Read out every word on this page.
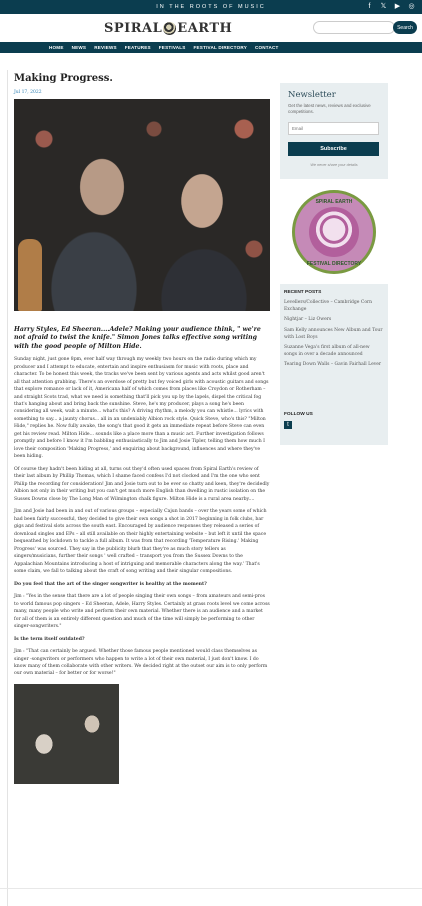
IN THE ROOTS OF MUSIC	f	𝕏 ▶ ◎
SPIRAL EARTH	Search
HOME NEWS REVIEWS FEATURES FESTIVALS FESTIVAL DIRECTORY CONTACT
Making Progress.
Jul 17, 2022

Harry Styles, Ed Sheeran....Adele? Making your audience think, " we're not afraid to twist the knife." Simon Jones talks effective song writing with the good people of Milton Hide.

Sunday night, just gone 8pm, ever half way through my weekly two hours on the radio during which my producer and I attempt to educate, entertain and inspire enthusiasm for music with roots, place and character. To be honest this week, the tracks we've been sent by various agents and acts whilst good aren't all that attention grabbing. There's an overdose of pretty but fey voiced girls with acoustic guitars and songs that explore romance or lack of it, Americana half of which comes from places like Croydon or Rotherham – and straight Scots trad, what we need is something that'll pick you up by the lapels, dispel the critical fog that's hanging about and bring back the sunshine. Steve, he's my producer, plays a song he's been considering all week, wait a minute... what's this? A driving rhythm, a melody you can whistle... lyrics with something to say... a jaunty chorus... all in an undeniably Albion rock style. Quick Steve, who's this? "Milton Hide," replies he. Now fully awake, the song's that good it gets an immediate repeat before Steve can even get his review read. Milton Hide... sounds like a place more than a music act. Further investigation follows promptly and before I know it I'm babbling enthusiastically to Jim and Josie Tipler, telling them how much I love their composition 'Making Progress,' and enquiring about background, influences and where they've been hiding.

Of course they hadn't been hiding at all, turns out they'd often used spaces from Spiral Earth's review of their last album by Phillip Thomas, which I shame faced confess I'd not clocked and I'm the one who sent Philip the recording for consideration! Jim and Josie turn out to be ever so chatty and keen, they're decidedly Albion not only in their writing but you can't get much more English than dwelling in rustic isolation on the Sussex Downs close by The Long Man of Wilmington chalk figure. Milton Hide is a rural area nearby....

Jim and Josie had been in and out of various groups – especially Cajun bands – over the years some of which had been fairly successful, they decided to give their own songs a shot in 2017 beginning in folk clubs, bar gigs and festival slots across the south east. Encouraged by audience responses they released a series of download singles and EPs – all still available on their highly entertaining website – but left it until the space bequeathed by lockdown to tackle a full album. It was from that recording 'Temperature Rising.' Making Progress' was sourced. They say in the publicity blurb that they're as much story tellers as singers/musicians, further their songs ' well crafted – transport you from the Sussex Downs to the Appalachian Mountains introducing a host of intriguing and memorable characters along the way.' That's some claim, we fall to talking about the craft of song writing and their singular compositions.

Do you feel that the art of the singer songwriter is healthy at the moment?

Jim : "Yes in the sense that there are a lot of people singing their own songs – from amateurs and semi-pros to world famous pop singers – Ed Sheeran, Adele, Harry Styles. Certainly at grass roots level we come across many, many people who write and perform their own material. Whether there is an audience and a market for all of them is an entirely different question and much of the time will simply be performing to other singer-songwriters."

Is the term itself outdated?

Jim : "That can certainly be argued. Whether those famous people mentioned would class themselves as singer -songwriters or performers who happen to write a lot of their own material, I just don't know. I do know many of them collaborate with other writers. We decided right at the outset our aim is to only perform our own material – for better or for worse!"

Newsletter
Get the latest news, reviews and exclusive competitions.
Email Subscribe
We never share your details
SPIRAL EARTH
FESTIVAL DIRECTORY
RECENT POSTS
Levellers/Collective – Cambridge Corn Exchange
Nightjar – Liz Owers
Sam Kelly announces New Album and Tour with Lost Boys
Suzanne Vega's first album of all-new songs in over a decade announced
Tearing Down Walls – Gavin Fairhall Lever
FOLLOW US
t
